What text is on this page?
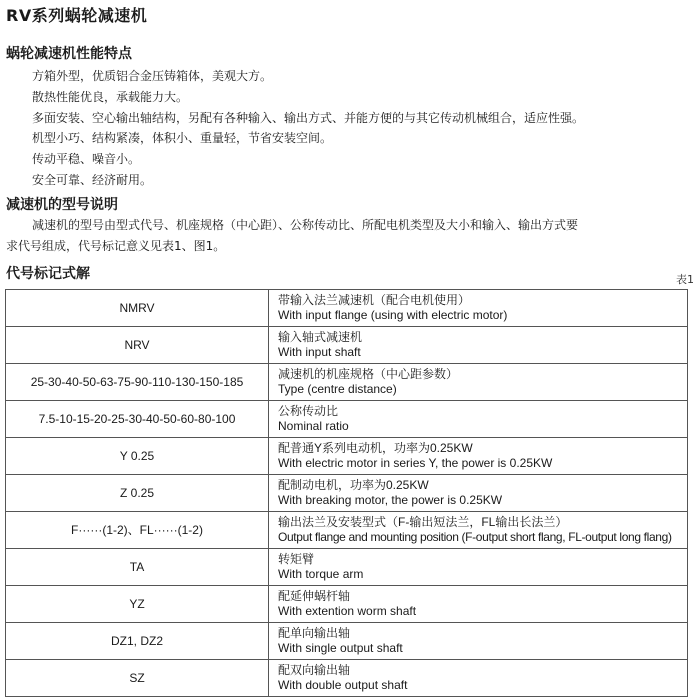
RV系列蜗轮减速机
蜗轮减速机性能特点
方箱外型，优质铝合金压铸箱体，美观大方。
散热性能优良，承载能力大。
多面安装、空心输出轴结构，另配有各种输入、输出方式、并能方便的与其它传动机械组合，适应性强。
机型小巧、结构紧凑，体积小、重量轻，节省安装空间。
传动平稳、噪音小。
安全可靠、经济耐用。
减速机的型号说明
减速机的型号由型式代号、机座规格（中心距）、公称传动比、所配电机类型及大小和输入、输出方式要
求代号组成，代号标记意义见表1、图1。
代号标记式解	表1
NMRV	带输入法兰减速机（配合电机使用）
With input flange (using with electric motor)

NRV	输入轴式减速机
With input shaft

25-30-40-50-63-75-90-110-130-150-185	减速机的机座规格（中心距参数）
Type (centre distance)

7.5-10-15-20-25-30-40-50-60-80-100	公称传动比
Nominal ratio

Y 0.25	配普通Y系列电动机，功率为0.25KW
With electric motor in series Y, the power is 0.25KW

Z 0.25	配制动电机，功率为0.25KW
With breaking motor, the power is 0.25KW

F······(1-2)、FL······(1-2)	输出法兰及安装型式（F-输出短法兰，FL输出长法兰）
Output flange and mounting position (F-output short flang, FL-output long flang)

TA	转矩臂
With torque arm

YZ	配延伸蜗杆轴
With extention worm shaft

DZ1, DZ2	配单向输出轴
With single output shaft

SZ	配双向输出轴
With double output shaft
